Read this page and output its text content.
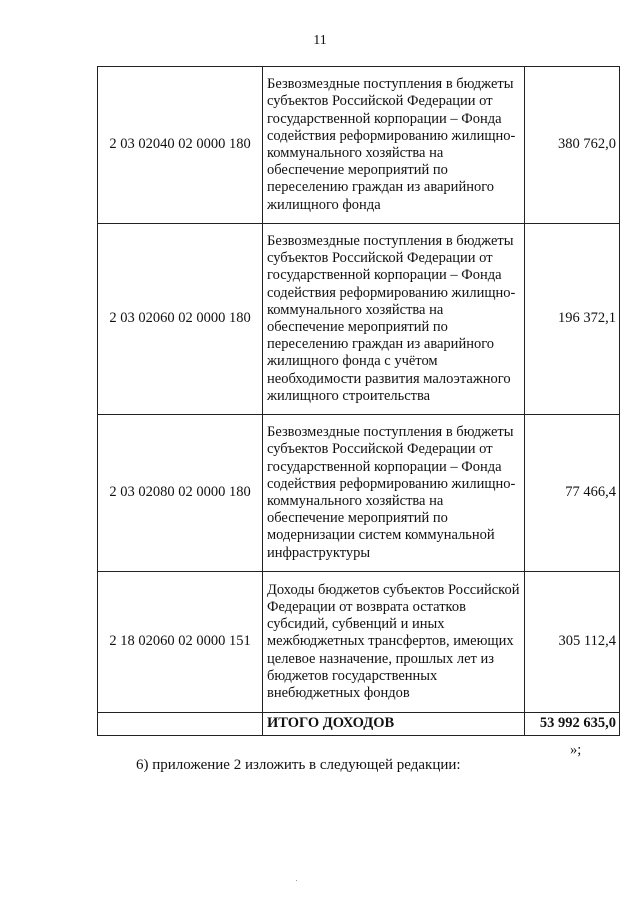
11
2 03 02040 02 0000 180	Безвозмездные поступления в бюджеты субъектов Российской Федерации от государственной корпорации – Фонда содействия реформированию жилищно-коммунального хозяйства на обеспечение мероприятий по переселению граждан из аварийного жилищного фонда	380 762,0
2 03 02060 02 0000 180	Безвозмездные поступления в бюджеты субъектов Российской Федерации от государственной корпорации – Фонда содействия реформированию жилищно-коммунального хозяйства на обеспечение мероприятий по переселению граждан из аварийного жилищного фонда с учётом необходимости развития малоэтажного жилищного строительства	196 372,1
2 03 02080 02 0000 180	Безвозмездные поступления в бюджеты субъектов Российской Федерации от государственной корпорации – Фонда содействия реформированию жилищно-коммунального хозяйства на обеспечение мероприятий по модернизации систем коммунальной инфраструктуры	77 466,4
2 18 02060 02 0000 151	Доходы бюджетов субъектов Российской Федерации от возврата остатков субсидий, субвенций и иных межбюджетных трансфертов, имеющих целевое назначение, прошлых лет из бюджетов государственных внебюджетных фондов	305 112,4
	ИТОГО ДОХОДОВ	53 992 635,0
»;
6) приложение 2 изложить в следующей редакции:
